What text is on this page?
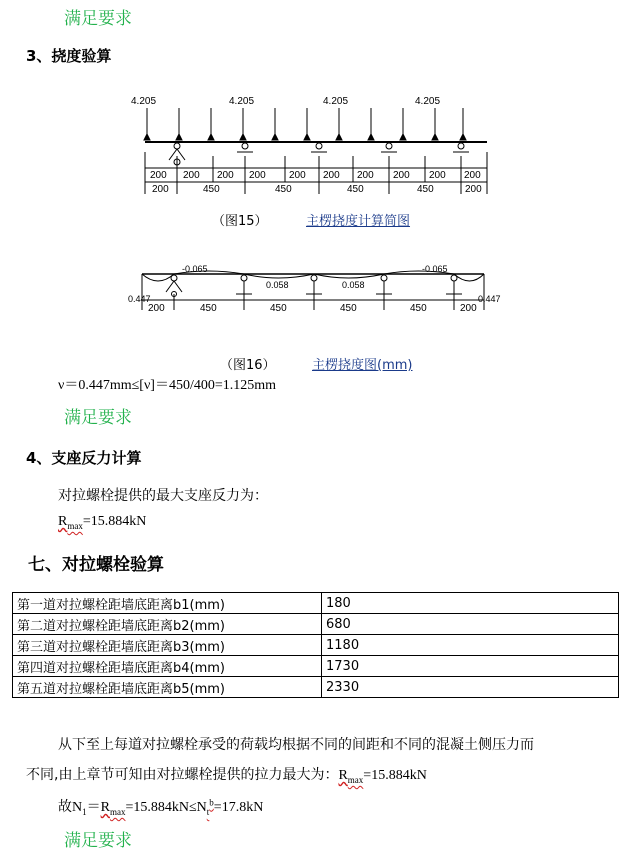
满足要求
3、挠度验算
4.205	4.205	4.205	4.205
200 200 200 200 200 200 200 200 200 200
200	450	450	450	450	200
（图15）	主楞挠度计算简图
-0.065	-0.065
0.058	0.058
0.447	0.447
200	450	450	450	450	200
（图16）	主楞挠度图(mm)
ν＝0.447mm≤[ν]＝450/400=1.125mm
满足要求
4、支座反力计算
对拉螺栓提供的最大支座反力为：
$R_{max}=15.884kN$
七、对拉螺栓验算
第一道对拉螺栓距墙底距离b1(mm)	180
第二道对拉螺栓距墙底距离b2(mm)	680
第三道对拉螺栓距墙底距离b3(mm)	1180
第四道对拉螺栓距墙底距离b4(mm)	1730
第五道对拉螺栓距墙底距离b5(mm)	2330
从下至上每道对拉螺栓承受的荷载均根据不同的间距和不同的混凝土侧压力而
不同,由上章节可知由对拉螺栓提供的拉力最大为：$R_{max}=15.884kN$
故$N_1=R_{max}=15.884kN\le N_t^b=17.8kN$
满足要求
